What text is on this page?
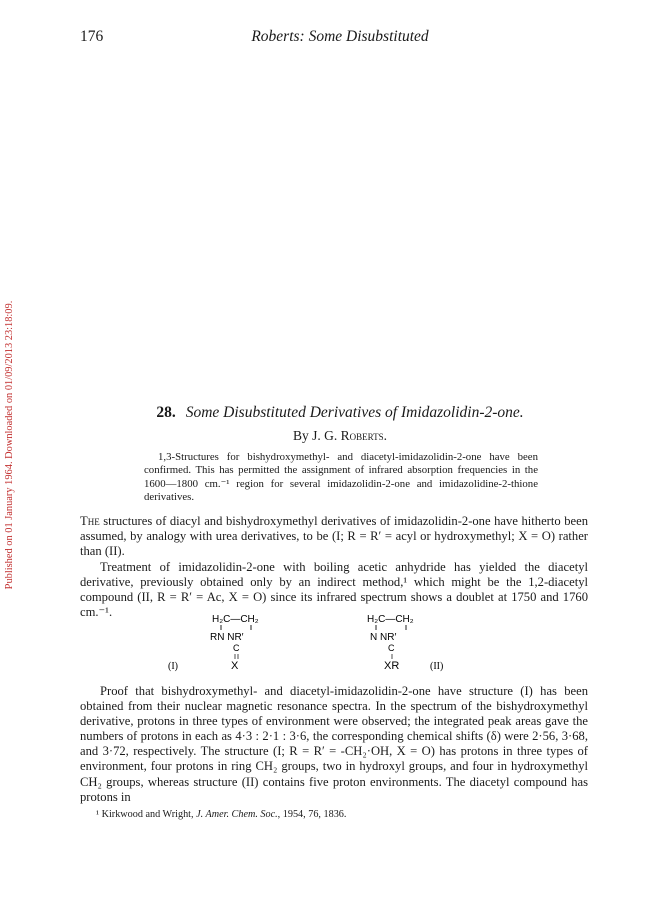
176	Roberts: Some Disubstituted
Published on 01 January 1964. Downloaded on 01/09/2013 23:18:09.	28. Some Disubstituted Derivatives of Imidazolidin-2-one.
By J. G. Roberts.

1,3-Structures for bishydroxymethyl- and diacetyl-imidazolidin-2-one have been confirmed. This has permitted the assignment of infrared absorption frequencies in the 1600—1800 cm.⁻¹ region for several imidazolidin-2-one and imidazolidine-2-thione derivatives.

The structures of diacyl and bishydroxymethyl derivatives of imidazolidin-2-one have hitherto been assumed, by analogy with urea derivatives, to be (I; R = R′ = acyl or hydroxymethyl; X = O) rather than (II).

Treatment of imidazolidin-2-one with boiling acetic anhydride has yielded the diacetyl derivative, previously obtained only by an indirect method,¹ which might be the 1,2-diacetyl compound (II, R = R′ = Ac, X = O) since its infrared spectrum shows a doublet at 1750 and 1760 cm.⁻¹.

H₂C—CH₂
RN⁠ ⁠NR′
C
(I)	X
H₂C—CH₂
N⁠ ⁠NR′
C
XR	(II)

Proof that bishydroxymethyl- and diacetyl-imidazolidin-2-one have structure (I) has been obtained from their nuclear magnetic resonance spectra. In the spectrum of the bishydroxymethyl derivative, protons in three types of environment were observed; the integrated peak areas gave the numbers of protons in each as 4·3 : 2·1 : 3·6, the corresponding chemical shifts (δ) were 2·56, 3·68, and 3·72, respectively. The structure (I; R = R′ = ‑CH₂·OH, X = O) has protons in three types of environment, four protons in ring CH₂ groups, two in hydroxyl groups, and four in hydroxymethyl CH₂ groups, whereas structure (II) contains five proton environments. The diacetyl compound has protons in

¹ Kirkwood and Wright, J. Amer. Chem. Soc., 1954, 76, 1836.
